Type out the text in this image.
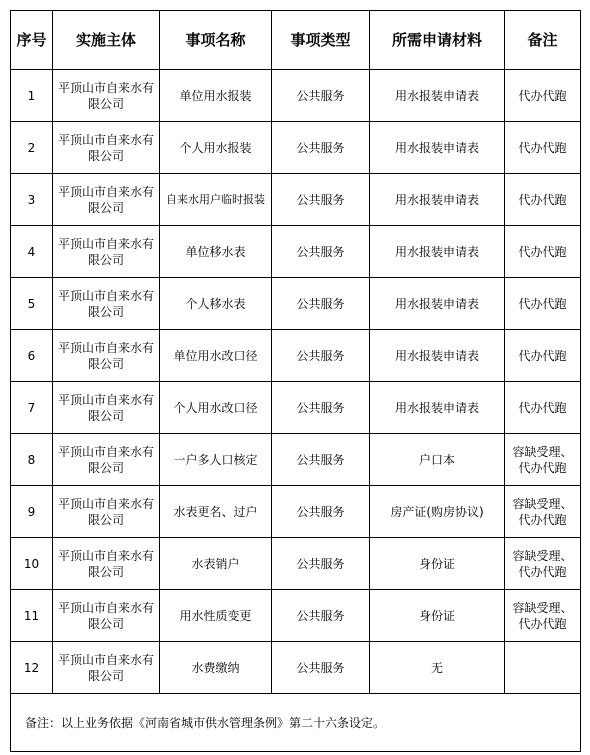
序号	实施主体	事项名称	事项类型	所需申请材料	备注
1	平顶山市自来水有限公司	单位用水报装	公共服务	用水报装申请表	代办代跑
2	平顶山市自来水有限公司	个人用水报装	公共服务	用水报装申请表	代办代跑
3	平顶山市自来水有限公司	自来水用户临时报装	公共服务	用水报装申请表	代办代跑
4	平顶山市自来水有限公司	单位移水表	公共服务	用水报装申请表	代办代跑
5	平顶山市自来水有限公司	个人移水表	公共服务	用水报装申请表	代办代跑
6	平顶山市自来水有限公司	单位用水改口径	公共服务	用水报装申请表	代办代跑
7	平顶山市自来水有限公司	个人用水改口径	公共服务	用水报装申请表	代办代跑
8	平顶山市自来水有限公司	一户多人口核定	公共服务	户口本	容缺受理、代办代跑
9	平顶山市自来水有限公司	水表更名、过户	公共服务	房产证(购房协议)	容缺受理、代办代跑
10	平顶山市自来水有限公司	水表销户	公共服务	身份证	容缺受理、代办代跑
11	平顶山市自来水有限公司	用水性质变更	公共服务	身份证	容缺受理、代办代跑
12	平顶山市自来水有限公司	水费缴纳	公共服务	无	
备注：以上业务依据《河南省城市供水管理条例》第二十六条设定。					
